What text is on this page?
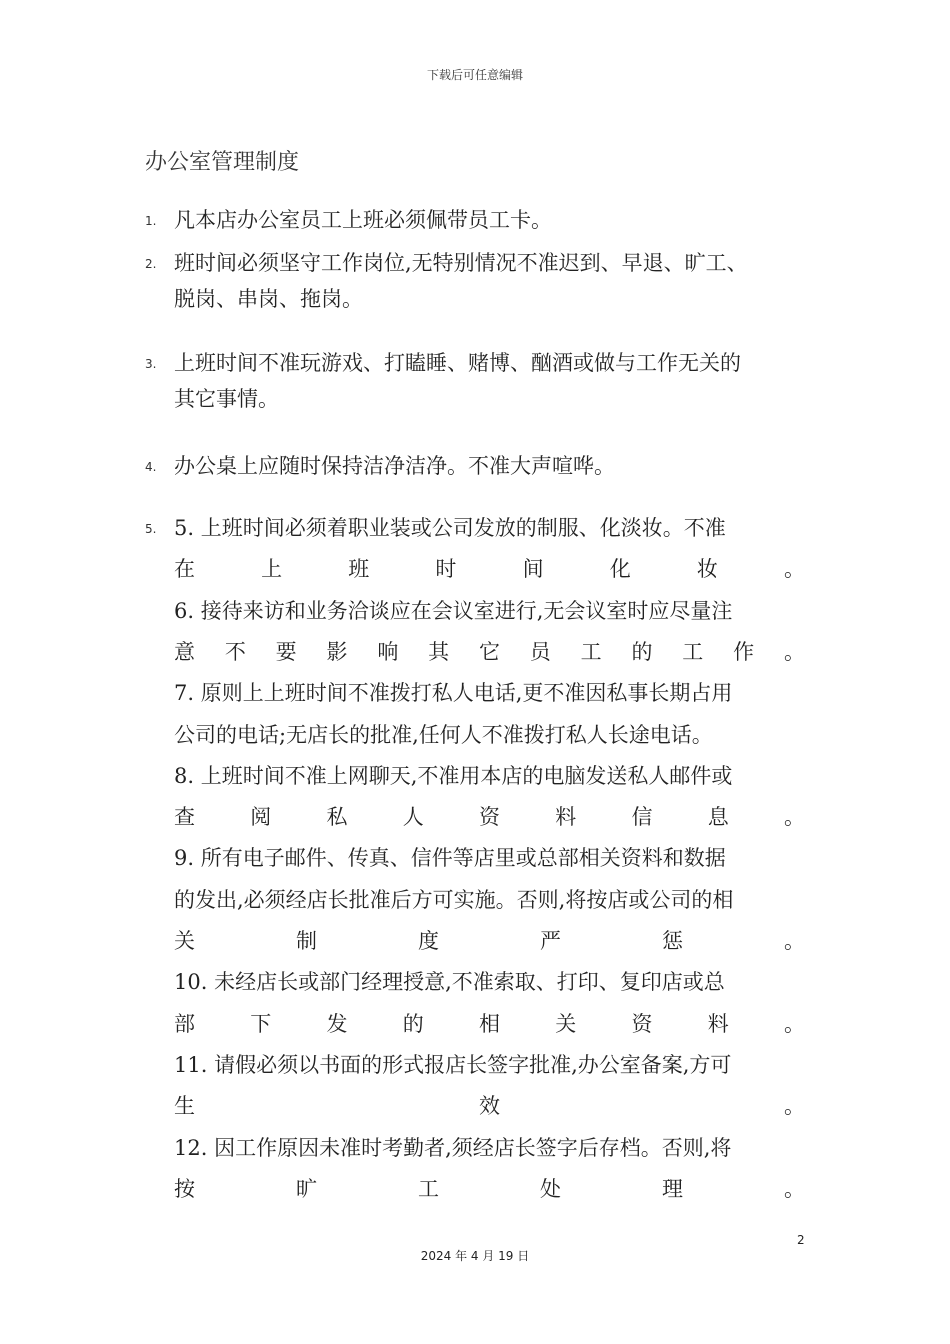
下载后可任意编辑
办公室管理制度
1. 凡本店办公室员工上班必须佩带员工卡。
2. 班时间必须坚守工作岗位,无特别情况不准迟到、早退、旷工、
脱岗、串岗、拖岗。
3. 上班时间不准玩游戏、打瞌睡、赌博、酗酒或做与工作无关的
其它事情。
4. 办公桌上应随时保持洁净洁净。不准大声喧哗。
5. 5. 上班时间必须着职业装或公司发放的制服、化淡妆。不准
在	上	班	时	间	化	妆	。
6. 接待来访和业务洽谈应在会议室进行,无会议室时应尽量注
意 不 要 影 响 其 它 员 工 的 工 作 。
7. 原则上上班时间不准拨打私人电话,更不准因私事长期占用
公司的电话;无店长的批准,任何人不准拨打私人长途电话。
8. 上班时间不准上网聊天,不准用本店的电脑发送私人邮件或
查	阅	私	人	资	料	信	息	。
9. 所有电子邮件、传真、信件等店里或总部相关资料和数据
的发出,必须经店长批准后方可实施。否则,将按店或公司的相
关	制	度	严	惩	。
10. 未经店长或部门经理授意,不准索取、打印、复印店或总
部	下	发	的	相	关	资	料	。
11. 请假必须以书面的形式报店长签字批准,办公室备案,方可
生	效	。
12. 因工作原因未准时考勤者,须经店长签字后存档。否则,将
按	旷	工	处	理	。
2
2024 年 4 月 19 日
